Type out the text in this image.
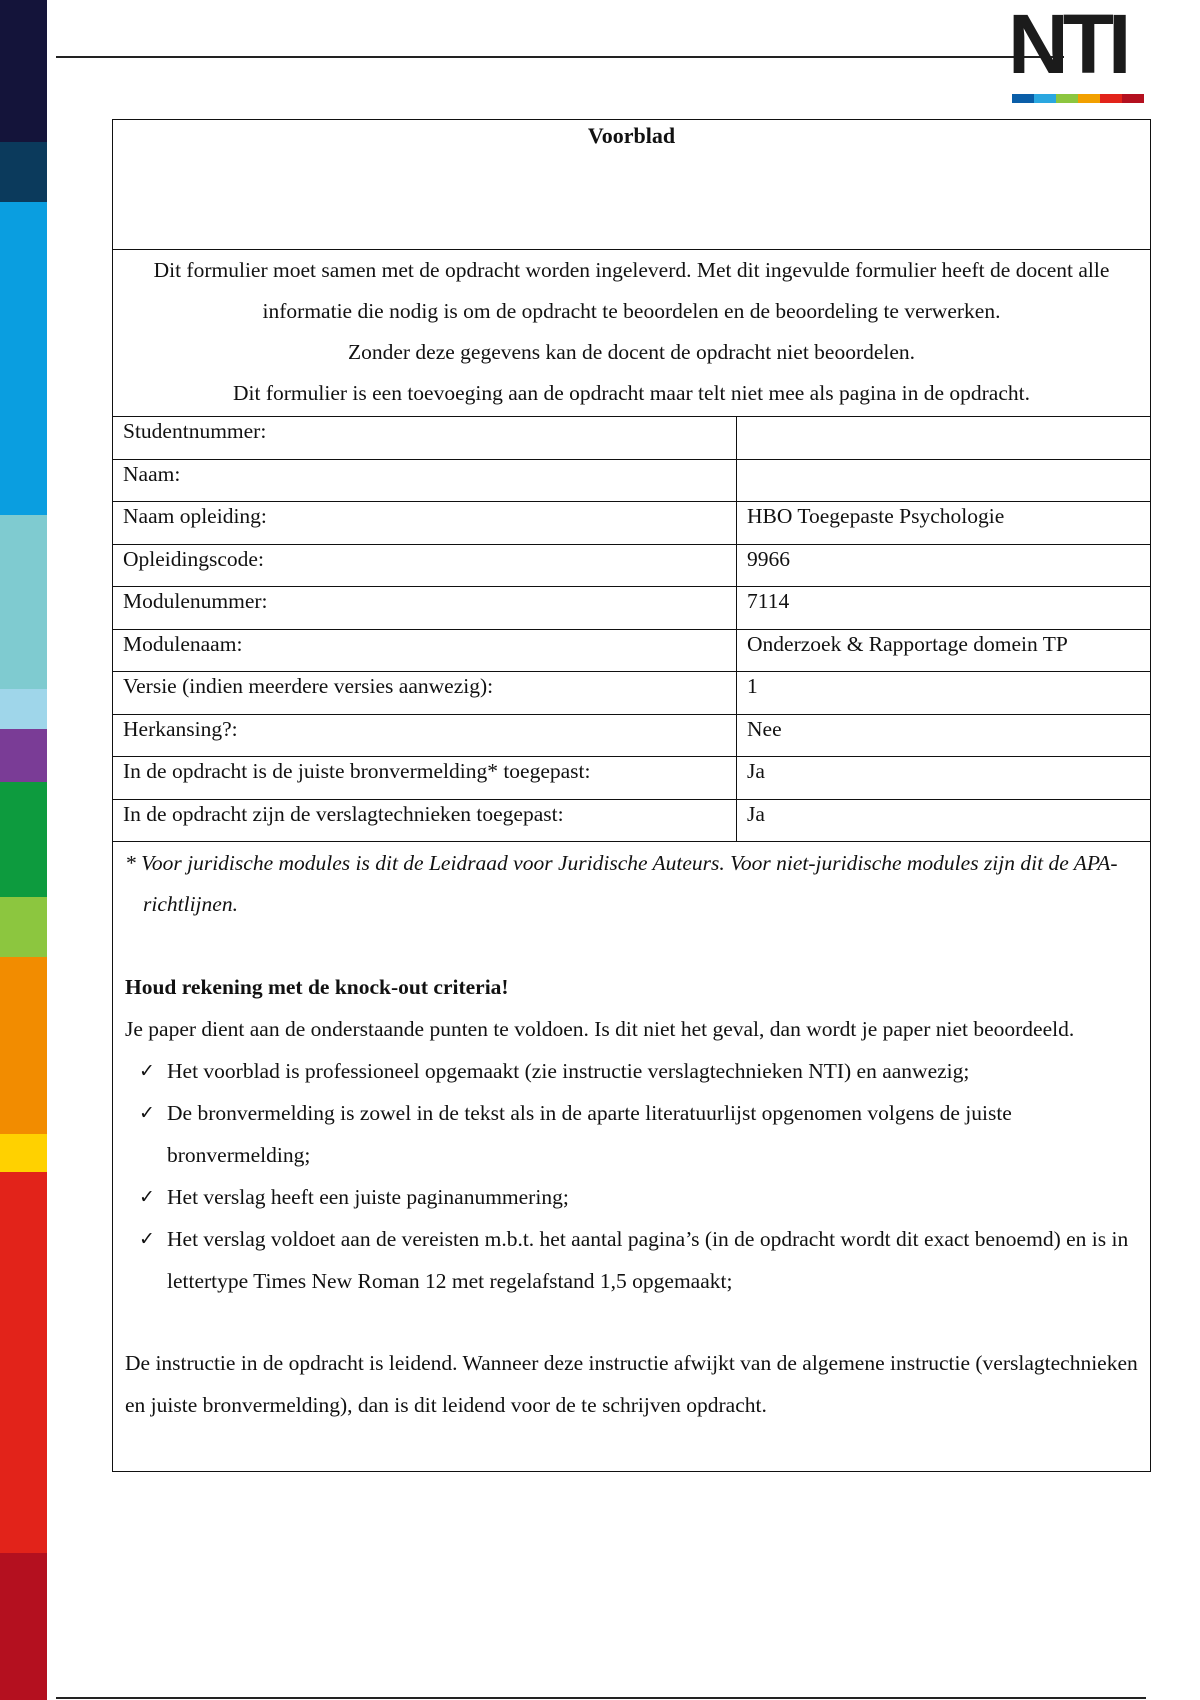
NTI
Voorblad
Dit formulier moet samen met de opdracht worden ingeleverd. Met dit ingevulde formulier heeft de docent alle informatie die nodig is om de opdracht te beoordelen en de beoordeling te verwerken.
Zonder deze gegevens kan de docent de opdracht niet beoordelen.
Dit formulier is een toevoeging aan de opdracht maar telt niet mee als pagina in de opdracht.
Studentnummer:
Naam:
Naam opleiding:	HBO Toegepaste Psychologie
Opleidingscode:	9966
Modulenummer:	7114
Modulenaam:	Onderzoek & Rapportage domein TP
Versie (indien meerdere versies aanwezig):	1
Herkansing?:	Nee
In de opdracht is de juiste bronvermelding* toegepast:	Ja
In de opdracht zijn de verslagtechnieken toegepast:	Ja

* Voor juridische modules is dit de Leidraad voor Juridische Auteurs. Voor niet-juridische modules zijn dit de APA-richtlijnen.

Houd rekening met de knock-out criteria!
Je paper dient aan de onderstaande punten te voldoen. Is dit niet het geval, dan wordt je paper niet beoordeeld.
✓ Het voorblad is professioneel opgemaakt (zie instructie verslagtechnieken NTI) en aanwezig;
✓ De bronvermelding is zowel in de tekst als in de aparte literatuurlijst opgenomen volgens de juiste bronvermelding;
✓ Het verslag heeft een juiste paginanummering;
✓ Het verslag voldoet aan de vereisten m.b.t. het aantal pagina’s (in de opdracht wordt dit exact benoemd) en is in lettertype Times New Roman 12 met regelafstand 1,5 opgemaakt;
De instructie in de opdracht is leidend. Wanneer deze instructie afwijkt van de algemene instructie (verslagtechnieken en juiste bronvermelding), dan is dit leidend voor de te schrijven opdracht.
